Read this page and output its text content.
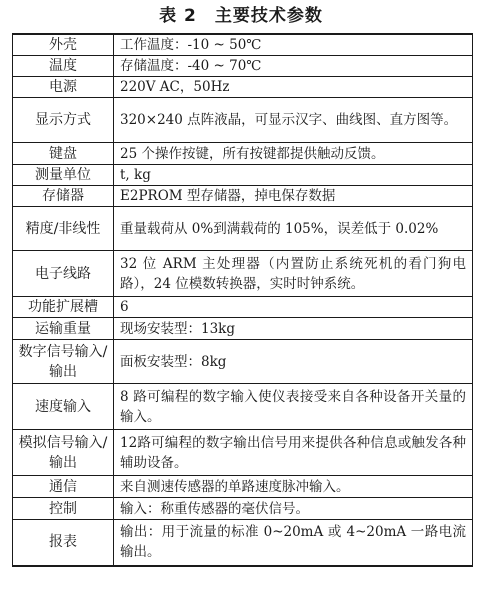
表 2　主要技术参数
外壳	工作温度：-10 ~ 50℃
温度	存储温度：-40 ~ 70℃
电源	220V AC，50Hz
显示方式	320×240 点阵液晶，可显示汉字、曲线图、直方图等。
键盘	25 个操作按键，所有按键都提供触动反馈。
测量单位	t, kg
存储器	E2PROM 型存储器，掉电保存数据
精度/非线性	重量载荷从 0%到满载荷的 105%，误差低于 0.02%
电子线路	32 位 ARM 主处理器（内置防止系统死机的看门狗电路），24 位模数转换器，实时时钟系统。
功能扩展槽	6
运输重量	现场安装型：13kg
数字信号输入/输出	面板安装型：8kg
速度输入	8 路可编程的数字输入使仪表接受来自各种设备开关量的输入。
模拟信号输入/输出	12路可编程的数字输出信号用来提供各种信息或触发各种辅助设备。
通信	来自测速传感器的单路速度脉冲输入。
控制	输入：称重传感器的毫伏信号。
报表	输出：用于流量的标准 0~20mA 或 4~20mA 一路电流输出。
